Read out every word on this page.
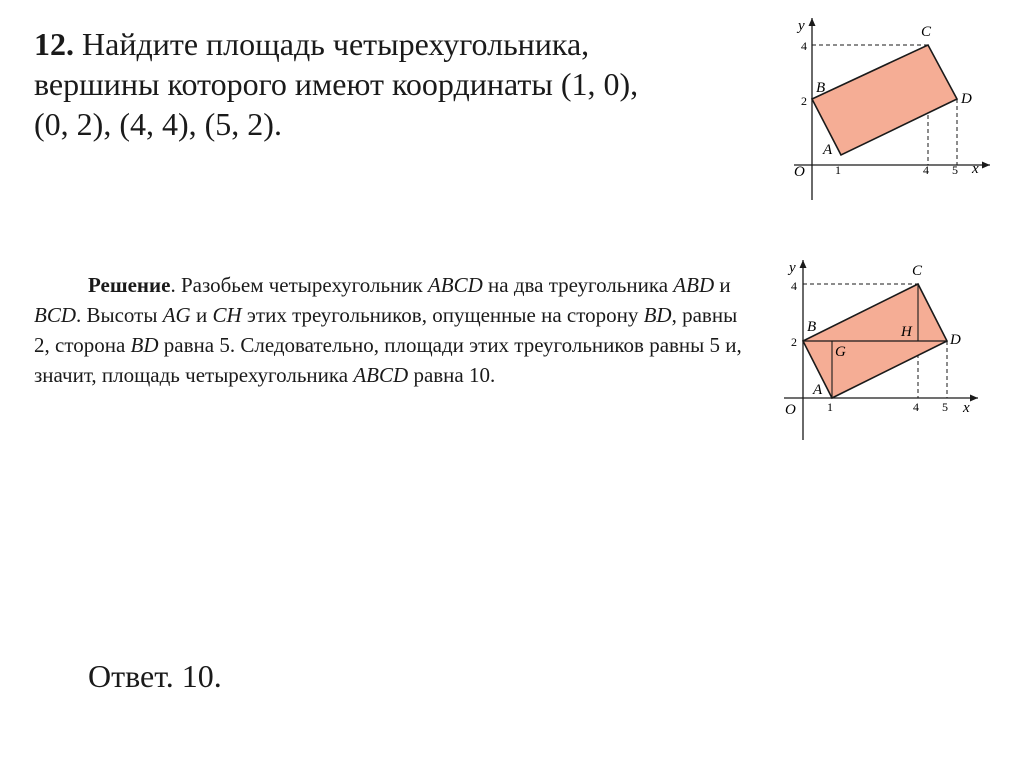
12. Найдите площадь четырехугольника,
вершины которого имеют координаты (1, 0),
(0, 2), (4, 4), (5, 2).
Решение. Разобьем четырехугольник ABCD на два треугольника ABD и BCD. Высоты AG и CH этих треугольников, опущенные на сторону BD, равны 2, сторона BD равна 5. Следовательно, площади этих треугольников равны 5 и, значит, площадь четырехугольника ABCD равна 10.
Ответ. 10.
x
y
O	1	4 5
2
4
A
B
C
D
x
y
O	1	4 5
2
4
A
B
C
D
G
H
